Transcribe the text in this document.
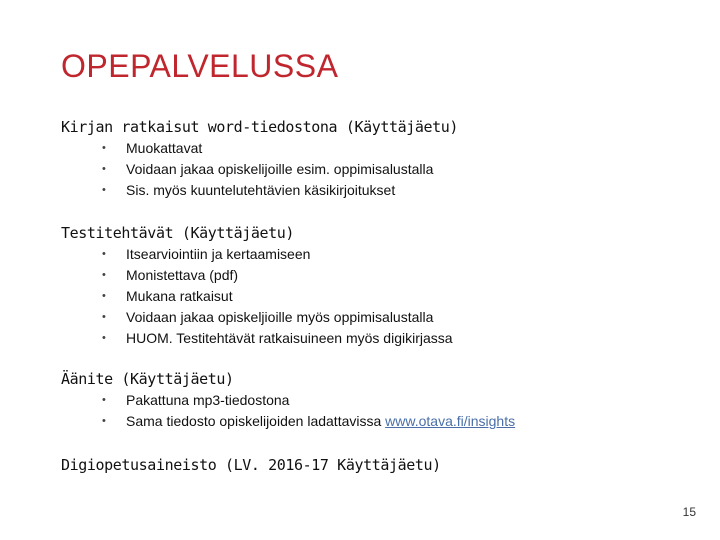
OPEPALVELUSSA
Kirjan ratkaisut word-tiedostona (Käyttäjäetu)
• Muokattavat
• Voidaan jakaa opiskelijoille esim. oppimisalustalla
• Sis. myös kuuntelutehtävien käsikirjoitukset
Testitehtävät (Käyttäjäetu)
• Itsearviointiin ja kertaamiseen
• Monistettava (pdf)
• Mukana ratkaisut
• Voidaan jakaa opiskeljioille myös oppimisalustalla
• HUOM. Testitehtävät ratkaisuineen myös digikirjassa
Äänite (Käyttäjäetu)
• Pakattuna mp3-tiedostona
• Sama tiedosto opiskelijoiden ladattavissa www.otava.fi/insights
Digiopetusaineisto (LV. 2016-17 Käyttäjäetu)
15
